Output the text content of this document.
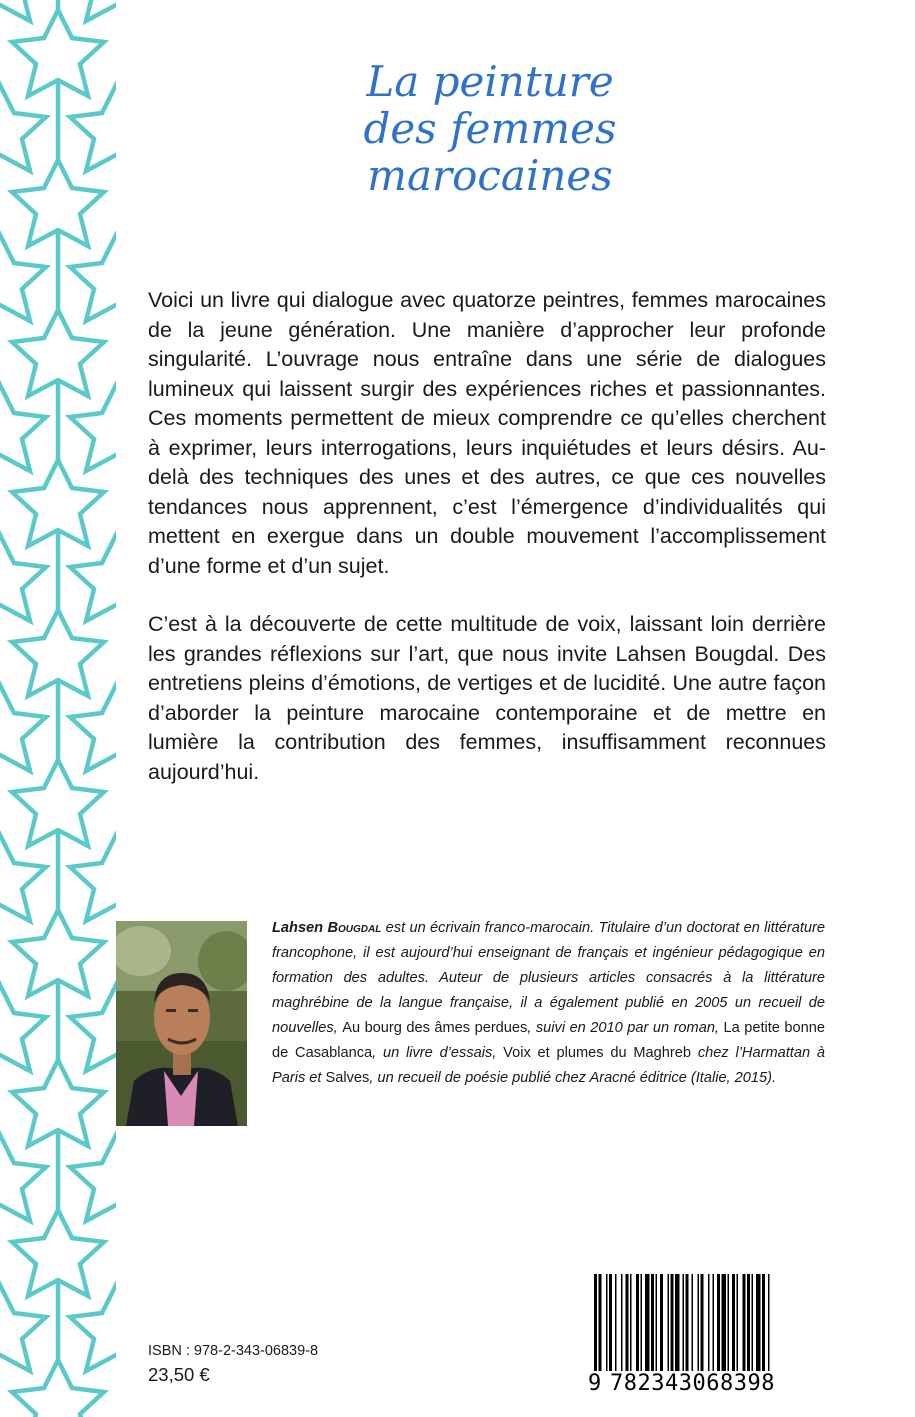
La peinture
des femmes
marocaines

Voici un livre qui dialogue avec quatorze peintres, femmes marocaines de la jeune génération. Une manière d’approcher leur profonde singularité. L’ouvrage nous entraîne dans une série de dialogues lumineux qui laissent surgir des expériences riches et passionnantes. Ces moments permettent de mieux comprendre ce qu’elles cherchent à exprimer, leurs interrogations, leurs inquiétudes et leurs désirs. Au-delà des techniques des unes et des autres, ce que ces nouvelles tendances nous apprennent, c’est l’émergence d’individualités qui mettent en exergue dans un double mouvement l’accomplissement d’une forme et d’un sujet.

C’est à la découverte de cette multitude de voix, laissant loin derrière les grandes réflexions sur l’art, que nous invite Lahsen Bougdal. Des entretiens pleins d’émotions, de vertiges et de lucidité. Une autre façon d’aborder la peinture marocaine contemporaine et de mettre en lumière la contribution des femmes, insuffisamment reconnues aujourd’hui.

Lahsen Bougdal est un écrivain franco-marocain. Titulaire d’un doctorat en littérature francophone, il est aujourd’hui enseignant de français et ingénieur pédagogique en formation des adultes. Auteur de plusieurs articles consacrés à la littérature maghrébine de la langue française, il a également publié en 2005 un recueil de nouvelles, Au bourg des âmes perdues, suivi en 2010 par un roman, La petite bonne de Casablanca, un livre d’essais, Voix et plumes du Maghreb chez l’Harmattan à Paris et Salves, un recueil de poésie publié chez Aracné éditrice (Italie, 2015).
ISBN : 978-2-343-06839-8
23,50 €	9 782343068398
